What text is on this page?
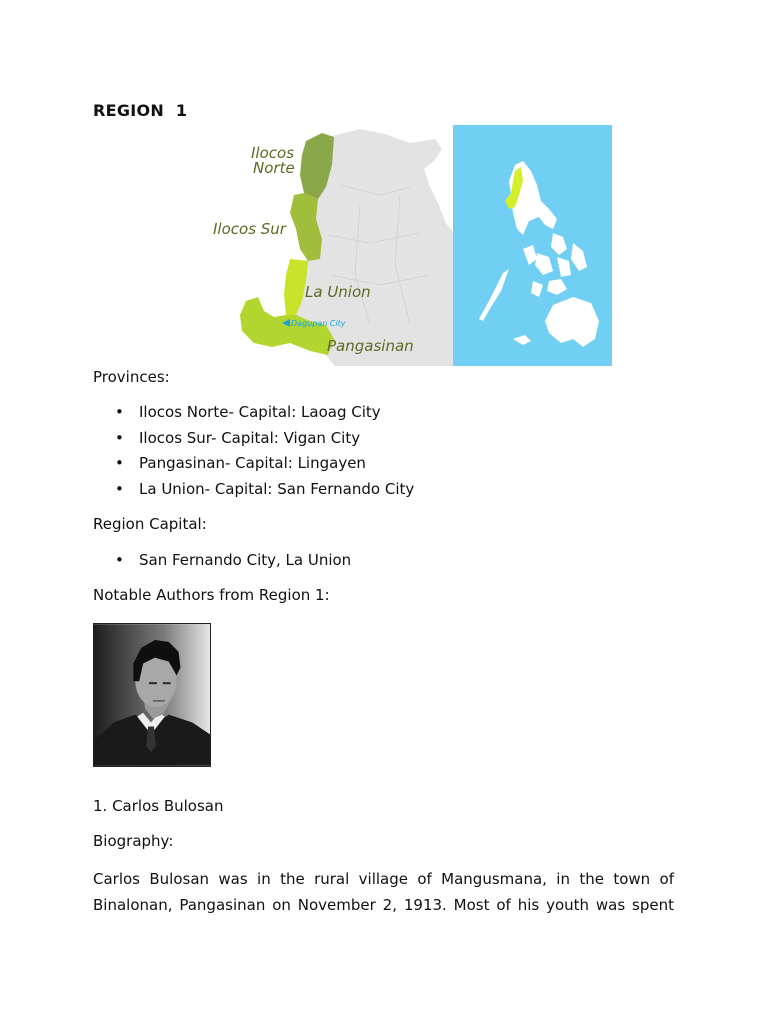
REGION  1
Ilocos
Norte
Ilocos Sur
La Union
Pangasinan
Dagupan City
Provinces:
• Ilocos Norte- Capital: Laoag City
• Ilocos Sur- Capital: Vigan City
• Pangasinan- Capital: Lingayen
• La Union- Capital: San Fernando City
Region Capital:
• San Fernando City, La Union
Notable Authors from Region 1:
1. Carlos Bulosan
Biography:
Carlos Bulosan was in the rural village of Mangusmana, in the town of Binalonan, Pangasinan on November 2, 1913. Most of his youth was spent
